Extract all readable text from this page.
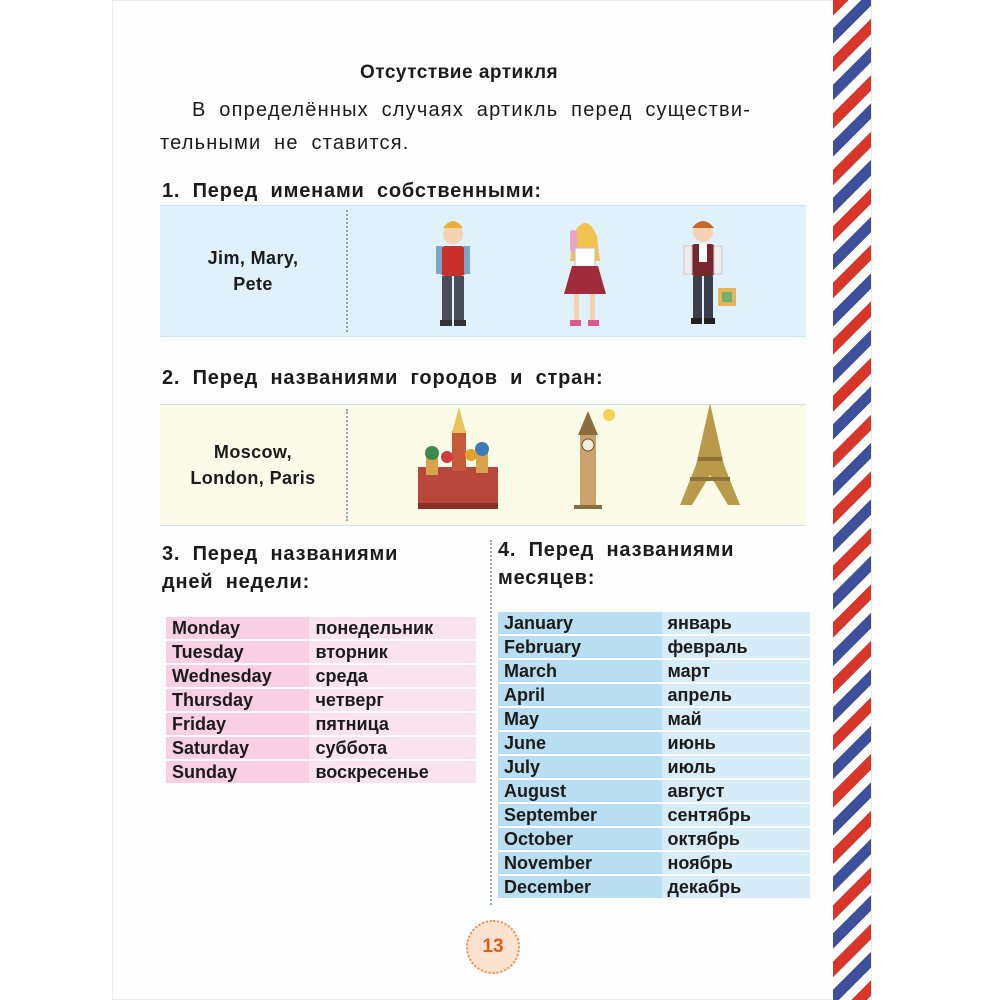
Отсутствие артикля
В определённых случаях артикль перед существи-тельными не ставится.
1. Перед именами собственными:
Jim, Mary,
Pete
2. Перед названиями городов и стран:
Moscow,
London, Paris
3. Перед названиями
дней недели:
Monday	понедельник
Tuesday	вторник
Wednesday	среда
Thursday	четверг
Friday	пятница
Saturday	суббота
Sunday	воскресенье
4. Перед названиями
месяцев:
January	январь
February	февраль
March	март
April	апрель
May	май
June	июнь
July	июль
August	август
September	сентябрь
October	октябрь
November	ноябрь
December	декабрь
13
